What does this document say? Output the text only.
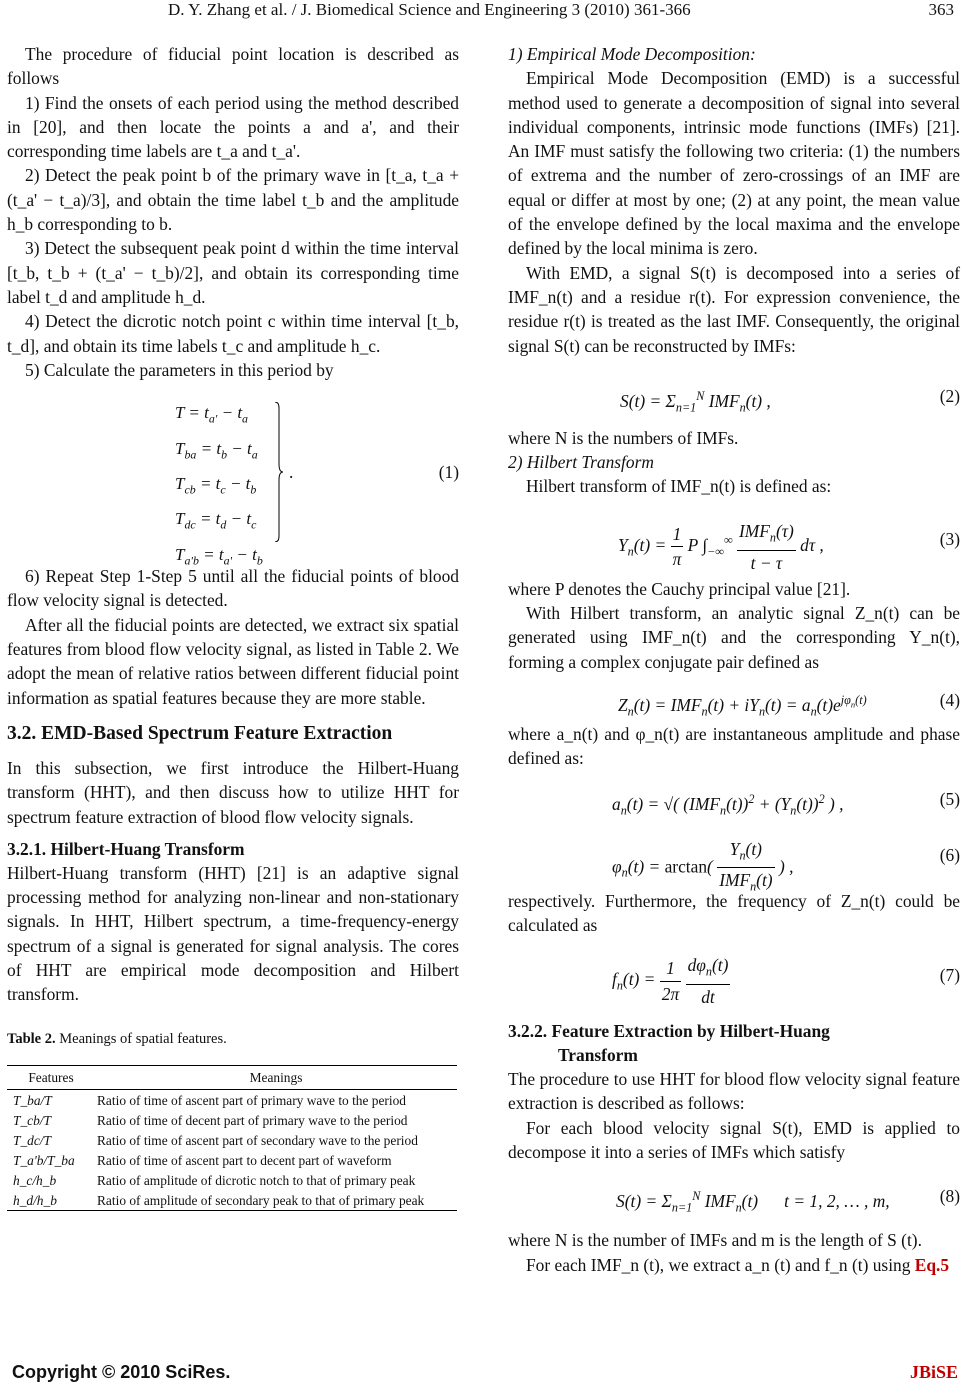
D. Y. Zhang et al. / J. Biomedical Science and Engineering 3 (2010) 361-366	363

The procedure of fiducial point location is described as follows

1) Find the onsets of each period using the method described in [20], and then locate the points a and a', and their corresponding time labels are t_a and t_a'.

2) Detect the peak point b of the primary wave in [t_a, t_a + (t_a' − t_a)/3], and obtain the time label t_b and the amplitude h_b corresponding to b.

3) Detect the subsequent peak point d within the time interval [t_b, t_b + (t_a' − t_b)/2], and obtain its corresponding time label t_d and amplitude h_d.

4) Detect the dicrotic notch point c within time interval [t_b, t_d], and obtain its time labels t_c and amplitude h_c.

5) Calculate the parameters in this period by

$T = t_{a'} - t_a$
$T_{ba} = t_b - t_a$
$T_{cb} = t_c - t_b$
$T_{dc} = t_d - t_c$
$T_{a'b} = t_{a'} - t_b$
.	(1)

6) Repeat Step 1-Step 5 until all the fiducial points of blood flow velocity signal is detected.

After all the fiducial points are detected, we extract six spatial features from blood flow velocity signal, as listed in Table 2. We adopt the mean of relative ratios between different fiducial point information as spatial features because they are more stable.

3.2. EMD-Based Spectrum Feature Extraction

In this subsection, we first introduce the Hilbert-Huang transform (HHT), and then discuss how to utilize HHT for spectrum feature extraction of blood flow velocity signals.

3.2.1. Hilbert-Huang Transform

Hilbert-Huang transform (HHT) [21] is an adaptive signal processing method for analyzing non-linear and non-stationary signals. In HHT, Hilbert spectrum, a time-frequency-energy spectrum of a signal is generated for signal analysis. The cores of HHT are empirical mode decomposition and Hilbert transform.

Table 2. Meanings of spatial features.
Features	Meanings
T_ba/T	Ratio of time of ascent part of primary wave to the period
T_cb/T	Ratio of time of decent part of primary wave to the period
T_dc/T	Ratio of time of ascent part of secondary wave to the period
T_a'b/T_ba	Ratio of time of ascent part to decent part of waveform
h_c/h_b	Ratio of amplitude of dicrotic notch to that of primary peak
h_d/h_b	Ratio of amplitude of secondary peak to that of primary peak

1) Empirical Mode Decomposition:

Empirical Mode Decomposition (EMD) is a successful method used to generate a decomposition of signal into several individual components, intrinsic mode functions (IMFs) [21]. An IMF must satisfy the following two criteria: (1) the numbers of extrema and the number of zero-crossings of an IMF are equal or differ at most by one; (2) at any point, the mean value of the envelope defined by the local maxima and the envelope defined by the local minima is zero.

With EMD, a signal S(t) is decomposed into a series of IMF_n(t) and a residue r(t). For expression convenience, the residue r(t) is treated as the last IMF. Consequently, the original signal S(t) can be reconstructed by IMFs:

$S(t) = \Sigma_{n=1}^N$ $IMF_n(t)$ ,	(2)

where N is the numbers of IMFs.

2) Hilbert Transform

Hilbert transform of IMF_n(t) is defined as:

$Y_n(t) = \frac{1}{\pi}$ P $\int_{-\infty}^\infty \frac{IMF_n(\tau)}{t - \tau}$ dτ ,	(3)

where P denotes the Cauchy principal value [21].

With Hilbert transform, an analytic signal Z_n(t) can be generated using IMF_n(t) and the corresponding Y_n(t), forming a complex conjugate pair defined as

$Z_n(t) = IMF_n(t) + iY_n(t) = a_n(t)e^{j\varphi_n(t)}$	(4)

where a_n(t) and φ_n(t) are instantaneous amplitude and phase defined as:

$a_n(t)$ = √( $(IMF_n(t))^2 + (Y_n(t))^2$ ) ,	(5)
$\varphi_n(t) = \arctan( \frac{Y_n(t)}{IMF_n(t)}$ ) ,
(6)

respectively. Furthermore, the frequency of Z_n(t) could be calculated as

$f_n(t) = \frac{1}{2\pi}$
$\frac{d\varphi_n(t)}{dt}$	(7)
3.2.2. Feature Extraction by Hilbert-Huang
Transform

The procedure to use HHT for blood flow velocity signal feature extraction is described as follows:

For each blood velocity signal S(t), EMD is applied to decompose it into a series of IMFs which satisfy

$S(t) = \Sigma_{n=1}^N$ $IMF_n(t)$      t = 1, 2, … , m,	(8)

where N is the number of IMFs and m is the length of S (t).

For each IMF_n (t), we extract a_n (t) and f_n (t) using Eq.5

Copyright © 2010 SciRes.	JBiSE
